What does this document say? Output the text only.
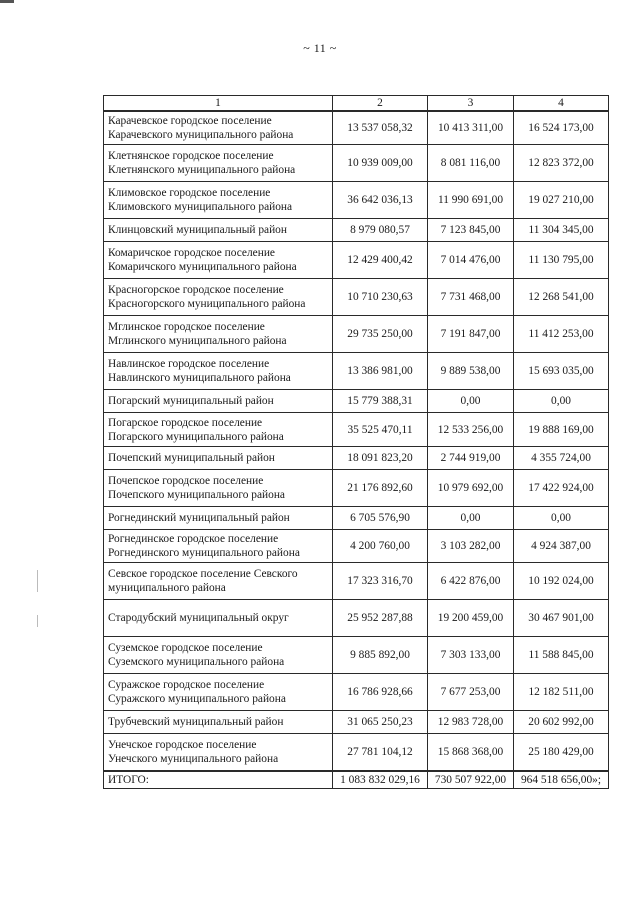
~ 11 ~
1	2	3	4
Карачевское городское поселение
Карачевского муниципального района	13 537 058,32	10 413 311,00	16 524 173,00
Клетнянское городское поселение
Клетнянского муниципального района	10 939 009,00	8 081 116,00	12 823 372,00
Климовское городское поселение
Климовского муниципального района	36 642 036,13	11 990 691,00	19 027 210,00
Клинцовский муниципальный район	8 979 080,57	7 123 845,00	11 304 345,00
Комаричское городское поселение
Комаричского муниципального района	12 429 400,42	7 014 476,00	11 130 795,00
Красногорское городское поселение
Красногорского муниципального района	10 710 230,63	7 731 468,00	12 268 541,00
Мглинское городское поселение
Мглинского муниципального района	29 735 250,00	7 191 847,00	11 412 253,00
Навлинское городское поселение
Навлинского муниципального района	13 386 981,00	9 889 538,00	15 693 035,00
Погарский муниципальный район	15 779 388,31	0,00	0,00
Погарское городское поселение
Погарского муниципального района	35 525 470,11	12 533 256,00	19 888 169,00
Почепский муниципальный район	18 091 823,20	2 744 919,00	4 355 724,00
Почепское городское поселение
Почепского муниципального района	21 176 892,60	10 979 692,00	17 422 924,00
Рогнединский муниципальный район	6 705 576,90	0,00	0,00
Рогнединское городское поселение
Рогнединского муниципального района	4 200 760,00	3 103 282,00	4 924 387,00
Севское городское поселение Севского
муниципального района	17 323 316,70	6 422 876,00	10 192 024,00
Стародубский муниципальный округ	25 952 287,88	19 200 459,00	30 467 901,00
Суземское городское поселение
Суземского муниципального района	9 885 892,00	7 303 133,00	11 588 845,00
Суражское городское поселение
Суражского муниципального района	16 786 928,66	7 677 253,00	12 182 511,00
Трубчевский муниципальный район	31 065 250,23	12 983 728,00	20 602 992,00
Унечское городское поселение
Унечского муниципального района	27 781 104,12	15 868 368,00	25 180 429,00
ИТОГО:	1 083 832 029,16	730 507 922,00	964 518 656,00»;
